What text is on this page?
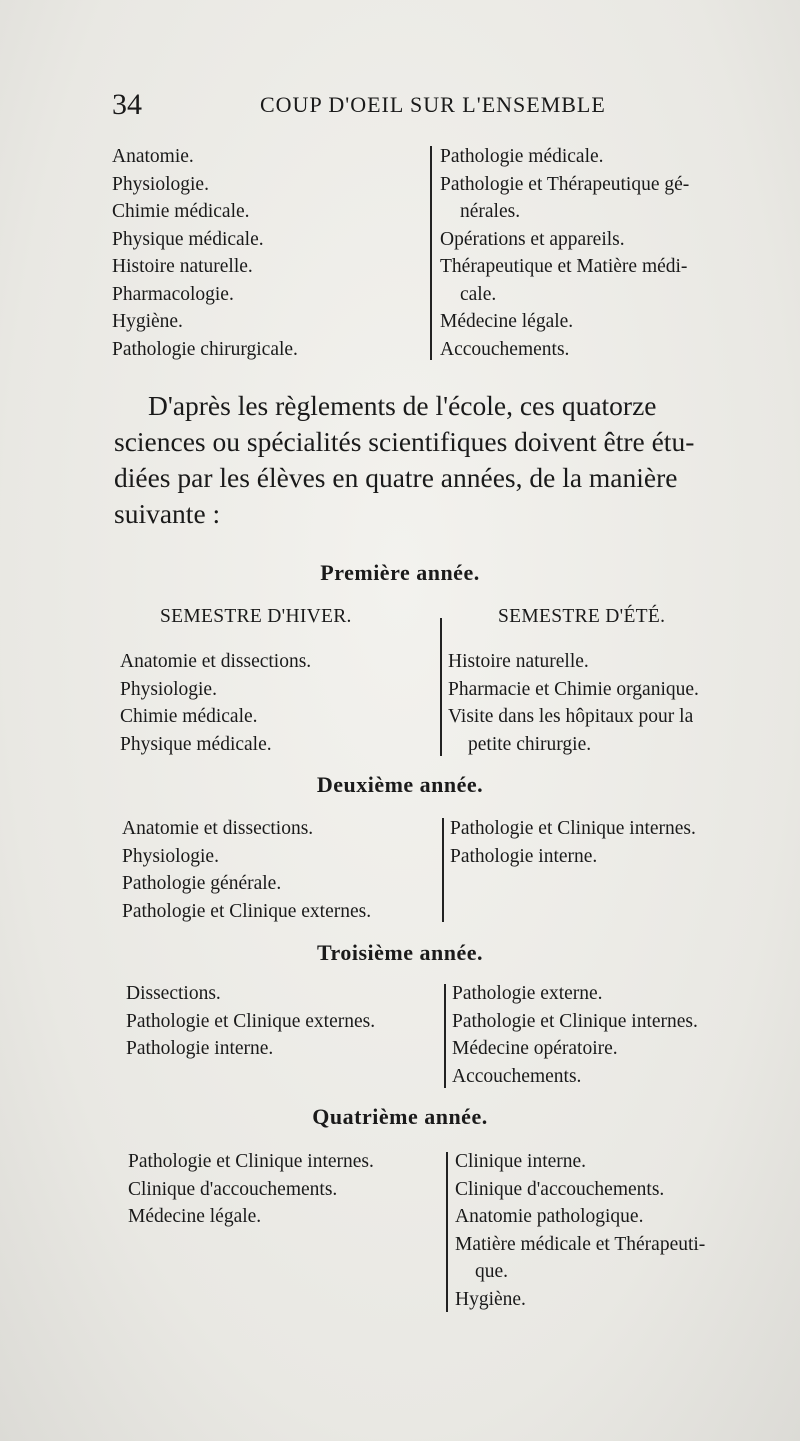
34	COUP D'OEIL SUR L'ENSEMBLE
Anatomie.
Physiologie.
Chimie médicale.
Physique médicale.
Histoire naturelle.
Pharmacologie.
Hygiène.
Pathologie chirurgicale.
Pathologie médicale.
Pathologie et Thérapeutique gé-
nérales.
Opérations et appareils.
Thérapeutique et Matière médi-
cale.
Médecine légale.
Accouchements.
D'après les règlements de l'école, ces quatorze
sciences ou spécialités scientifiques doivent être étu-
diées par les élèves en quatre années, de la manière
suivante :
Première année.
SEMESTRE D'HIVER.	SEMESTRE D'ÉTÉ.
Anatomie et dissections.
Physiologie.
Chimie médicale.
Physique médicale.
Histoire naturelle.
Pharmacie et Chimie organique.
Visite dans les hôpitaux pour la
petite chirurgie.
Deuxième année.
Anatomie et dissections.
Physiologie.
Pathologie générale.
Pathologie et Clinique externes.
Pathologie et Clinique internes.
Pathologie interne.
Troisième année.
Dissections.
Pathologie et Clinique externes.
Pathologie interne.
Pathologie externe.
Pathologie et Clinique internes.
Médecine opératoire.
Accouchements.
Quatrième année.
Pathologie et Clinique internes.
Clinique d'accouchements.
Médecine légale.
Clinique interne.
Clinique d'accouchements.
Anatomie pathologique.
Matière médicale et Thérapeuti-
que.
Hygiène.
